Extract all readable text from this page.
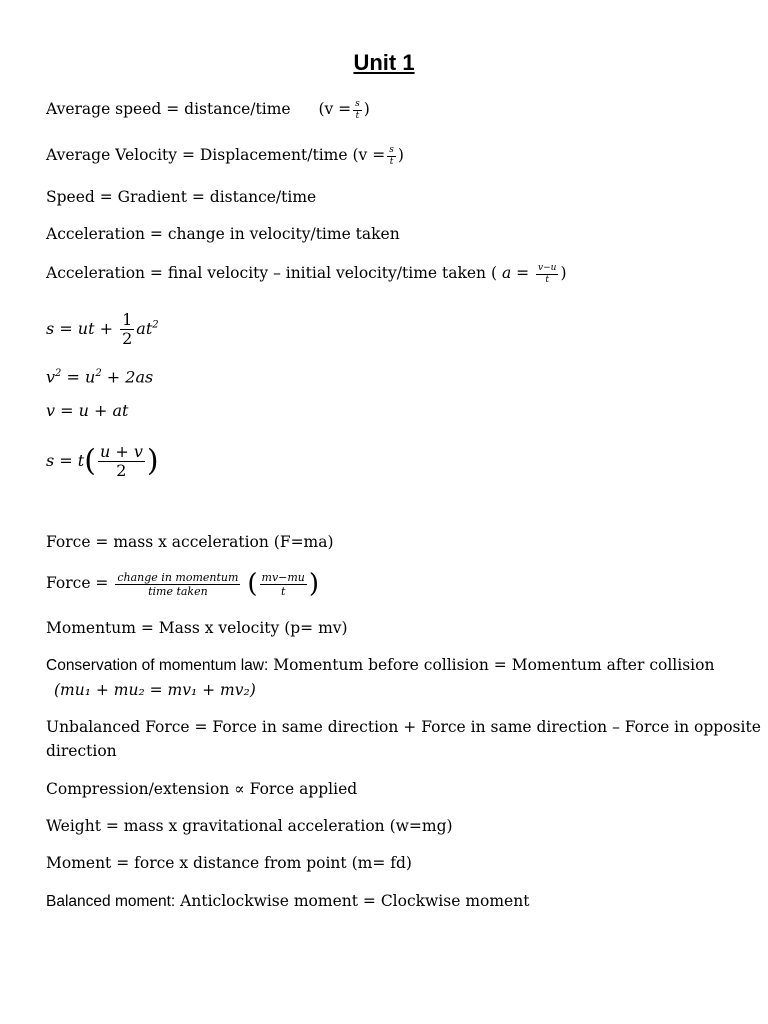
Unit 1
Average speed = distance/time ($v = \frac{s}{t}$ )
Average Velocity = Displacement/time ($v = \frac{s}{t}$ )
Speed = Gradient = distance/time
Acceleration = change in velocity/time taken
Acceleration = final velocity – initial velocity/time taken ( $a = \frac{v-u}{t}$ )
s = ut + $\frac{1}{2} at^2$
$v^2 = u^2 + 2as$
v = u + at
$s = t( \frac{u + v}{2}$ )
Force = mass x acceleration (F=ma)
Force = $\frac{\text{change in momentum}}{\text{time taken}}$ ( $\frac{mv-mu}{t}$ )
Momentum = Mass x velocity (p= mv)
Conservation of momentum law: Momentum before collision = Momentum after collision
(mu₁ + mu₂ = mv₁ + mv₂)
Unbalanced Force = Force in same direction + Force in same direction – Force in opposite
direction
Compression/extension ∝ Force applied
Weight = mass x gravitational acceleration (w=mg)
Moment = force x distance from point (m= fd)
Balanced moment: Anticlockwise moment = Clockwise moment
